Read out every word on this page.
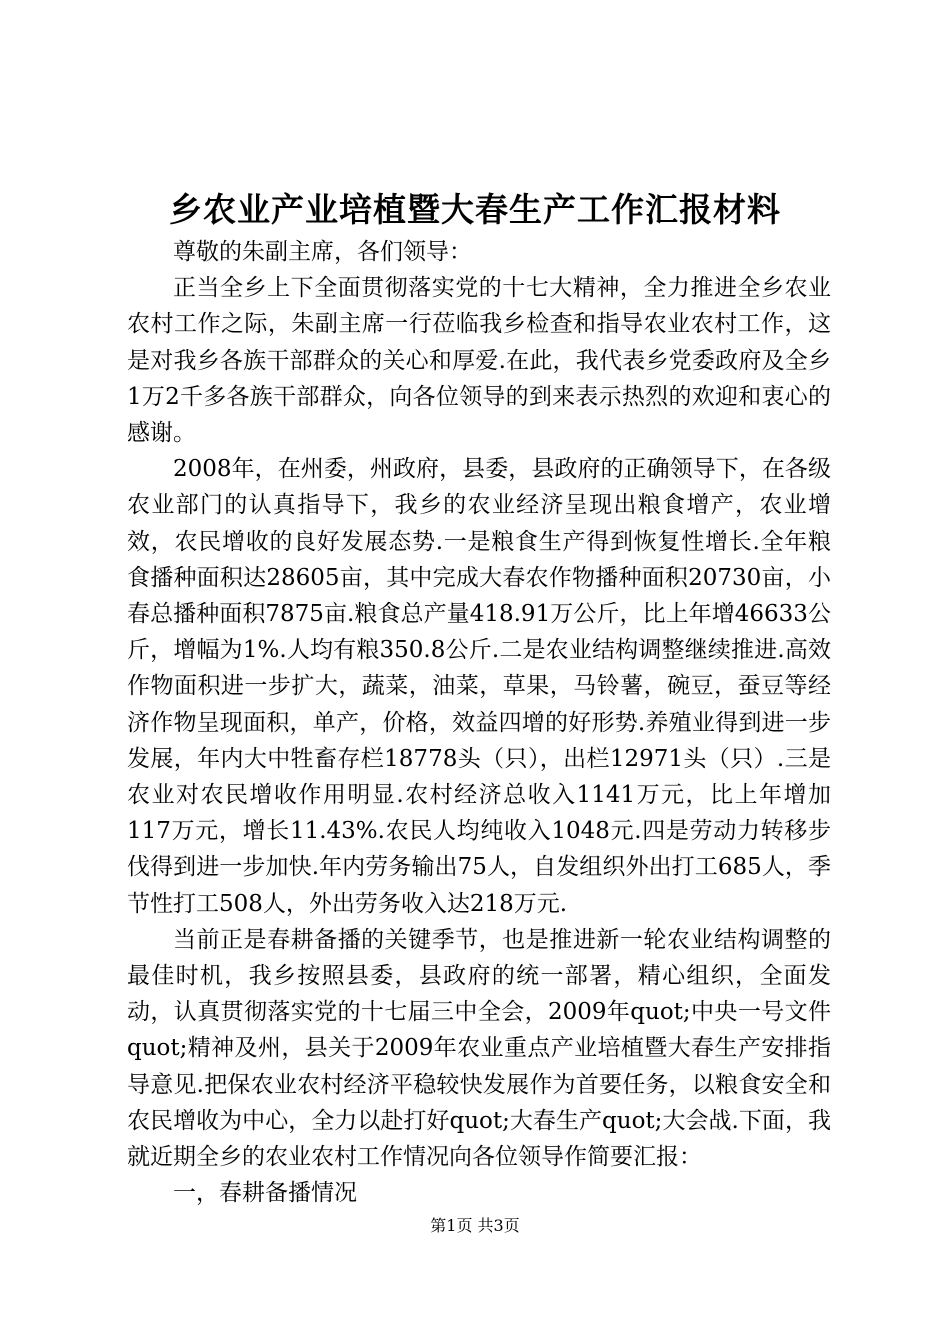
乡农业产业培植暨大春生产工作汇报材料

尊敬的朱副主席，各们领导：

正当全乡上下全面贯彻落实党的十七大精神，全力推进全乡农业农村工作之际，朱副主席一行莅临我乡检查和指导农业农村工作，这是对我乡各族干部群众的关心和厚爱.在此，我代表乡党委政府及全乡1万2千多各族干部群众，向各位领导的到来表示热烈的欢迎和衷心的感谢。

2008年，在州委，州政府，县委，县政府的正确领导下，在各级农业部门的认真指导下，我乡的农业经济呈现出粮食增产，农业增效，农民增收的良好发展态势.一是粮食生产得到恢复性增长.全年粮食播种面积达28605亩，其中完成大春农作物播种面积20730亩，小春总播种面积7875亩.粮食总产量418.91万公斤，比上年增46633公斤，增幅为1%.人均有粮350.8公斤.二是农业结构调整继续推进.高效作物面积进一步扩大，蔬菜，油菜，草果，马铃薯，碗豆，蚕豆等经济作物呈现面积，单产，价格，效益四增的好形势.养殖业得到进一步发展，年内大中牲畜存栏18778头（只），出栏12971头（只）.三是农业对农民增收作用明显.农村经济总收入1141万元，比上年增加117万元，增长11.43%.农民人均纯收入1048元.四是劳动力转移步伐得到进一步加快.年内劳务输出75人，自发组织外出打工685人，季节性打工508人，外出劳务收入达218万元.

当前正是春耕备播的关键季节，也是推进新一轮农业结构调整的最佳时机，我乡按照县委，县政府的统一部署，精心组织，全面发动，认真贯彻落实党的十七届三中全会，2009年quot;中央一号文件quot;精神及州，县关于2009年农业重点产业培植暨大春生产安排指导意见.把保农业农村经济平稳较快发展作为首要任务，以粮食安全和农民增收为中心，全力以赴打好quot;大春生产quot;大会战.下面，我就近期全乡的农业农村工作情况向各位领导作简要汇报：

一，春耕备播情况

第1页 共3页
